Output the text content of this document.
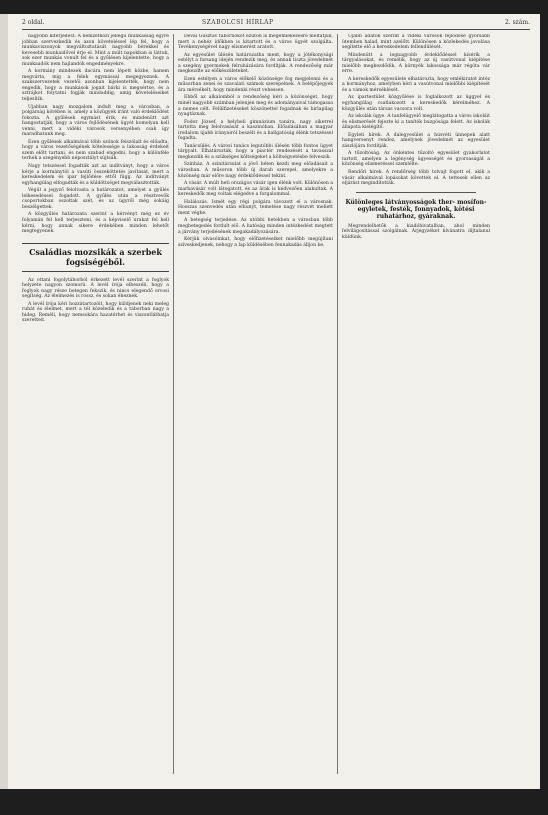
2 oldal.	SZABOLCSI HÍRLAP	2. szám.

nagyobb kiterjedést. A nemzetközi jellegű munkásság egyre jobban szervezkedik és azon követeléssel lép fel, hogy a munkaviszonyok megváltoztatását nagyobb bérekkel és kevesebb munkaidővel érje el. Mint a múlt napokban is láttuk, sok ezer munkás vonult fel és a gyűlésen kijelentette, hogy a munkaadók nem hajlandók engedményekre.

A kormány mindezek dacára nem lépett közbe, hanem megvárta, mig a felek egymással megegyeznek. A szakszervezetek vezetői azonban kijelentették, hogy nem engedik, hogy a munkások jogait bárki is megsértse, és a sztrájkot folytatni fogják mindaddig, amig követeléseiket teljesítik.

Ujabban nagy mozgalom indult meg a városban, a polgárság körében is, amely a közügyek iránt való érdeklődést fokozta. A gyűlések egymást érik, és mindenütt azt hangoztatják, hogy a város fejlődésének ügyét komolyan kell venni, mert a vidéki városok versenyében csak így maradhatunk meg.

Ezen gyűlések alkalmával több szónok felszólalt és előadta, hogy a város vezetőségének kötelessége a lakosság érdekeit szem előtt tartani, és nem szabad engedni, hogy a különféle terhek a szegényebb néposztályt sújtsák.

Nagy tetszéssel fogadták azt az indítványt, hogy a város kérje a kormánytól a vasúti összeköttetés javítását, mert a kereskedelem és ipar fejlődése ettől függ. Az indítványt egyhangúlag elfogadták és a küldöttséget megválasztották.

Végül a jegyző felolvasta a határozatot, amelyet a gyűlés lelkesedéssel fogadott. A gyűlés után a résztvevők csoportokban oszoltak szét, és az ügyről még sokáig beszélgettek.

A közgyűlés határozata szerint a kérvényt még ez év folyamán fel kell terjeszteni, és a képviselő urakat fel kell kérni, hogy annak sikere érdekében minden lehetőt megtegyenek.

Családias mozsikák a szerbek
fogsiségéből.

Az ottani fogolytáborból érkezett levél szerint a foglyok helyzete nagyon szomorú. A levél írója elbeszéli, hogy a foglyok nagy része betegen fekszik, és nincs elegendő orvosi segítség. Az élelmezés is rossz, és sokan éheznek.

A levél írója kéri hozzátartozóit, hogy küldjenek neki meleg ruhát és élelmet, mert a tél közeledik és a táborban nagy a hideg. Reméli, hogy nemsokára hazatérhet és viszontláthatja szeretteit.

Dévai Gusztáv tábornokot ezúton is megemlékezésre méltatjuk, mert a nehéz időkben is kitartott és a város ügyét szolgálta. Tevékenységével nagy elismerést aratott.

Az egyesület ülésén határozatba ment, hogy a jótékonysági estélyt a farsang idején rendezik meg, és annak tiszta jövedelmét a szegény gyermekek felruházására fordítják. A rendezőség már megkezdte az előkészületeket.

Ezen estélyen a város előkelő közönsége fog megjelenni és a műsorban zenei és szavalati számok szerepelnek. A belépőjegyek ára mérsékelt, hogy mindenki részt vehessen.

Ebből az alkalomból a rendezőség kéri a közönséget, hogy minél nagyobb számban jelenjen meg és adományaival támogassa a nemes célt. Felülfizetéseket köszönettel fogadnak és hirlapilag nyugtáznak.

Fodor József, a helybeli gimnázium tanára, nagy sikerrel tartotta meg felolvasását a kaszinóban. Előadásában a magyar irodalom újabb irányairól beszélt és a hallgatóság élénk tetszéssel fogadta.

Tanácsülés. A városi tanács legutóbbi ülésén több fontos ügyet tárgyalt. Elhatározták, hogy a piactér rendezését a tavasszal megkezdik és a szükséges költségeket a költségvetésbe felveszik.

Színház. A szinitársulat a jövő héten kezdi meg előadásait a városban. A műsoron több új darab szerepel, amelyekre a közönség már előre nagy érdeklődéssel tekint.

A vásár. A múlt heti országos vásár igen élénk volt. Különösen a marhavásár volt látogatott, és az árak is kedvezően alakultak. A kereskedők meg voltak elégedve a forgalommal.

Halálozás. Ismét egy régi polgára távozott el a városnak. Hosszas szenvedés után elhunyt, temetése nagy részvét mellett ment végbe.

A betegség terjedése. Az utóbbi hetekben a városban több megbetegedés fordult elő. A hatóság minden intézkedést megtett a járvány terjedésének megakadályozására.

Kérjük olvasóinkat, hogy előfizetéseiket mielőbb megújítani szíveskedjenek, nehogy a lap küldésében fennakadás álljon be.

Ujabb adatok szerint a vidéki városok fejlődése gyorsabb ütemben halad, mint azelőtt. Különösen a közlekedés javulása segítette elő a kereskedelem fellendülését.

Mindenütt a legnagyobb érdeklődéssel kísérik a tárgyalásokat, és remélik, hogy az új vasútvonal kiépítése mielőbb megkezdődik. A környék lakossága már régóta vár erre.

A kereskedők egyesülete elhatározta, hogy emlékiratot intéz a kormányhoz, amelyben kéri a vasútvonal mielőbbi kiépítését és a vámok mérséklését.

Az ipartestület közgyűlése is foglalkozott az üggyel és egyhangúlag csatlakozott a kereskedők kérelméhez. A közgyűlés után társas vacsora volt.

Az iskolák ügye. A tanfelügyelő meglátogatta a város iskoláit és elismerését fejezte ki a tanítók buzgósága felett. Az iskolák állapota kielégítő.

Egyleti hírek. A dalegyesület a húsvéti ünnepek alatt hangversenyt rendez, amelynek jövedelmét az egyesület zászlójára fordítják.

A tűzoltóság. Az önkéntes tűzoltó egyesület gyakorlatot tartott, amelyen a legénység ügyességét és gyorsaságát a közönség elismeréssel szemlélte.

Rendőri hírek. A rendőrség több tolvajt fogott el, akik a vásár alkalmával lopásokat követtek el. A tettesek ellen az eljárást megindították.

Különleges látványosságok ther- mosífon-egyletek, festék, fonnyadok, kötési ruhatárhoz, gyáraknak.

Megrendelhetők a kiadóhivatalban, ahol minden felvilágosítással szolgálnak. Árjegyzéket kívánatra díjtalanul küldünk.
